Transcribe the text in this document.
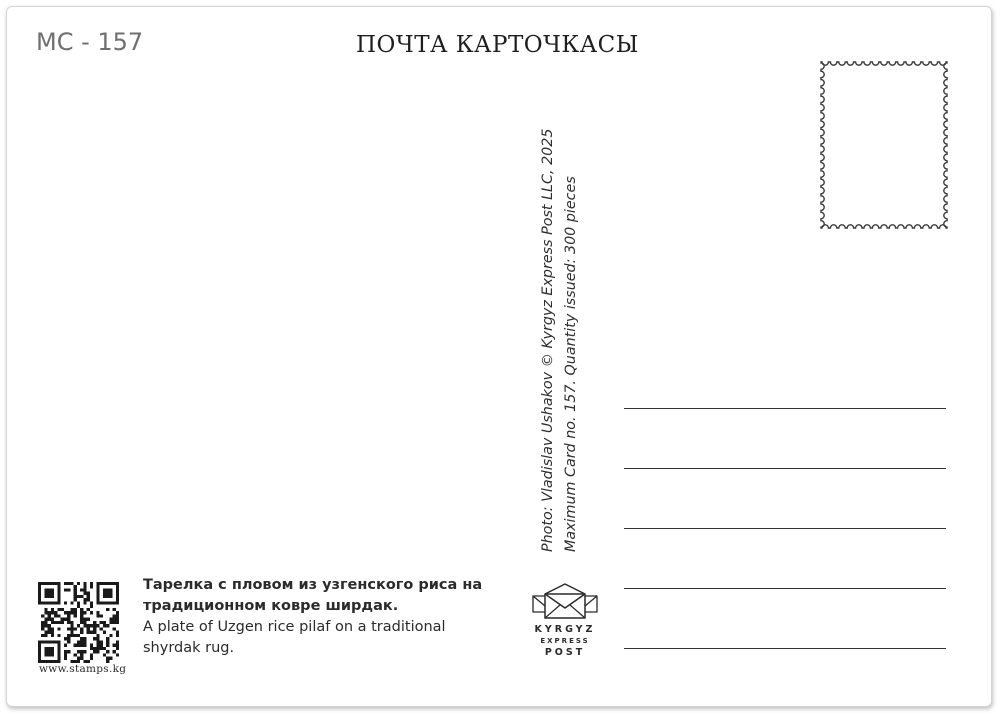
MC - 157	ПОЧТА КАРТОЧКАСЫ
Photo: Vladislav Ushakov © Kyrgyz Express Post LLC, 2025 Maximum Card no. 157. Quantity issued: 300 pieces
www.stamps.kg
Тарелка с пловом из узгенского риса на традиционном ковре ширдак.
A plate of Uzgen rice pilaf on a traditional shyrdak rug.
KYRGYZ
EXPRESS
POST
